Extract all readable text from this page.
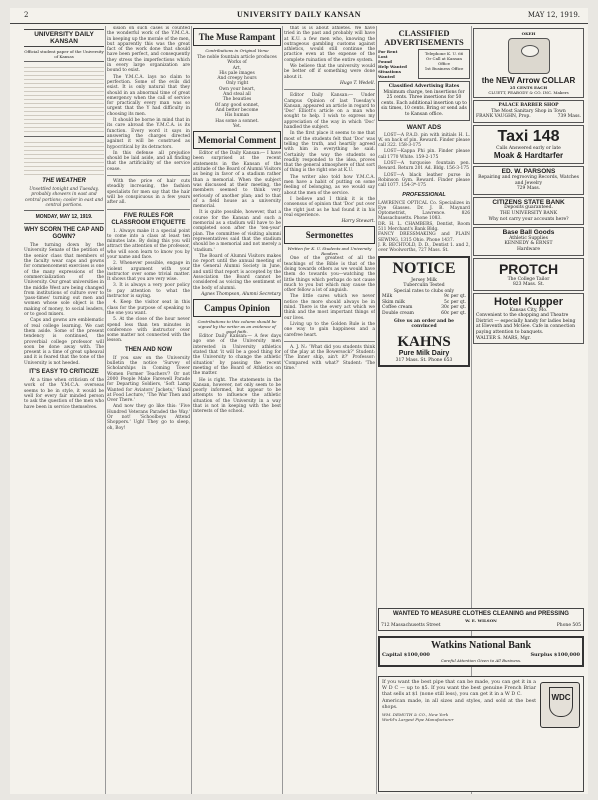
2	UNIVERSITY DAILY KANSAN	MAY 12, 1919.
UNIVERSITY DAILY KANSAN
Official student paper of the University of Kansas
THE WEATHER

Unsettled tonight and Tuesday, probably showers in east and central portions; cooler in east and central portions.

MONDAY, MAY 12, 1919.
WHY SCORN THE CAP AND GOWN?

The turning down by the University Senate of the petition of the senior class that members of the faculty wear caps and gowns for commencement exercises is one of the many expressions of the commercialization of the University. Our great universities in the middle West are being changed from institutions of culture over to 'pass-times' turning out men and women whose sole object is the making of money, to social leaders, or to good mixers.

Caps and gowns are emblematic of real college learning. We cast them aside. Some of the present tendency is continued, the proverbial college professor will soon be done away with. The present is a time of great upheaval and it is feared that the tone of the University is not heeded.

IT'S EASY TO CRITICIZE

At a time when criticism of the work of the Y.M.C.A. overseas seems to be in style, it would be well for every fair minded person to ask the question of the men who have been in service themselves.

sision on such cases is counted the wonderful work of the Y.M.C.A. in keeping up the morale of the men, but apparently this was the great fact of the work done that should have been perfect, and consequently they stress the imperfections which in every large organization are bound to exist.

The Y.M.C.A. lays no claim to perfection. Some of the evils did exist. It is only natural that they should in an abnormal time of great emergency when the call of service for practically every man was so urgent that the Y had difficulty in choosing its men.

It should be borne in mind that in its care abroad the Y.M.C.A. is its function. Every word it says in answering the charges directed against it will be construed as hypocritical by its detractors.

In this defense all prejudice should be laid aside, and all finding that the artificiality of the service cease.

With the price of hair cuts steadily increasing, the fashion specialists for men say that the hair will be conspicuous in a few years after all.

FIVE RULES FOR CLASSROOM ETIQUETTE

1. Always make it a special point to come into a class at least ten minutes late. By doing this you will attract the attention of the professor, who will soon learn to know you by your name and face.

2. Whenever possible, engage in violent argument with your instructor over some trivial matter. It shows that you are very wise.

3. It is always a very poor policy to pay attention to what the instructor is saying.

4. Keep the visitor seat in this class for the purpose of speaking to the one you want.

5. At the close of the hour never spend less than ten minutes in conference with instructor over some matter not connected with the lesson.

THEN AND NOW

If you saw on the University bulletin the notice 'Survey of Scholarships in Coming Tower Women Former Teachers'? Or not 2000 People Make Farewell Parade for Departing Soldiers, 'Soft Lamp Wanted for Aviators' Jackets,' 'Hand at Food Lecture,' 'The War Then and Over There.'

And now they go like this: 'Five Hundred Veterans Paraded the Way.' Or not! 'Schoolboys Attend Shoppers.' Ugh! They go to sleep, oh, Boy!

The Muse Rampant
Contributions in Original Verse
The noble fountain article produces
Works of
Art,
His pale images
And creepy hours
Only right
Own your heart,
And steal all
The beauties
Of any good sonnet,
And better become
His human
Has some a sonnet.
Yet.
Memorial Comment

Editor of the Daily Kansan:— I have been surprised at the recent statements in the Kansan of the attitude of the Board of Alumni Visitors as being in favor of a stadium rather than a memorial. When the subject was discussed at their meeting, the members seemed to think very seriously of another plan; and to that of a field house as a university memorial.

It is quite possible, however, that a course for the Kansan and such a memorial as a stadium will have to be completed soon after the 'ten-year' plan. The committee of visiting alumni representatives said that the stadium should be a memorial and not merely a 'stadium.'

The Board of Alumni Visitors makes no report until the annual meeting of the General Alumni Society in June, and until that report is accepted by the Association the Board cannot be considered as voicing the sentiment of the body of alumni.

Agnes Thompson, Alumni Secretary
Campus Opinion
Contributions to this column should be signed by the writer as an evidence of good faith.

Editor Daily Kansan:— A few days ago one of the University men interested in University athletics stated that 'it will be a good thing for the University to change the athletic situation' by passing the recent meeting of the Board of Athletics on the matter.

He is right. The statements in the Kansan, however, not only seem to be poorly informed, but appear to be attempts to influence the athletic situation of the University in a way that is not in keeping with the best interests of the school.

that is is about athletes. We have tried in the past and probably will have at K.U. a few men who, knowing the outrageous gambling customs against athletics, would still continue the practice even at the expense of the complete ruination of the entire system.

We believe that the university would be better off if something were done about it.

Hugo T. Wedell.

Editor Daily Kansan:— Under Campus Opinion of last Tuesday's Kansan, appeared an article in regard to 'Doc' Elliott's article on a man who sought to help. I wish to express my appreciation of the way in which 'Doc' handled the subject.

In the first place it seems to me that most of the students felt that 'Doc' was telling the truth, and heartily agreed with him in everything he said. Certainly the way the students so readily responded to the idea, proves that the general atmosphere of that sort of thing is the right one at K.U.

The writer also told how Y.M.C.A. men have a habit of putting on some feeling of belonging, as we would say about the men of the service.

I believe and I think it is the consensus of opinion that 'Doc' put over the right just as he had found it in his real experience.

Harry Stewart.
Sermonettes
Written for K. U. Students and University Readers

One of the greatest of all the teachings of the Bible is that of the doing towards others as we would have them do towards you—watching the little things which perhaps do not cause much to you but which may cause the other fellow a lot of anguish.

The little cares which we never notice the more should always be in mind. There is the every act which we think and the most important things of our lives.

Living up to the Golden Rule is the one way to gain happiness and a carefree heart.

A. J. N.: 'What did you students think of the play at the Bowersock?' Student: 'The Inner ship, ain't it?' Professor: 'Compared with what?' Student: 'The time.'

CLASSIFIED ADVERTISEMENTS
For Rent
Lost
Found
Help Wanted
Situations Wanted
Telephone K. U. 66
Or Call at Kansan Office
1st Business Office
Classified Advertising Rates
Minimum charge, ten insertions for 25 cents. Three insertions for 50 cents. Each additional insertion up to six times, 10 cents. Bring or send ads to Kansan office.
WANT ADS

LOST—A P.A.D. pin with initials H. L. W. on back of pin. Reward. Finder please call 322. 158-3-175

LOST—Kappa Phi pin. Finder please call 1770 White. 159-2-175

LOST—A turquoise fountain pen. Reward. Return 201 Ad. Bldg. 156-3-175

LOST—A black leather purse in Robinson Gym. Reward. Finder please call 1077. 154-3*-175

PROFESSIONAL

LAWRENCE OPTICAL Co. Specializes in Eye Glasses. Dr. J. B. Maynard Optometrist, Lawrence. 826 Massachusetts. Phone 1083.
DR. H. L. CHAMBERS, Dentist, Room 511 Merchant's Bank Bldg.
FANCY DRESSMAKING and PLAIN SEWING, 1315 Ohio. Phone 1437.
J. R. BECHTOLD, D. D., Dentist 1. and 2, over Woolworths, 727 Mass. St.

NOTICE
Jersey Milk
Tuberculin Tested
Special rates to clubs only
Milk	9c per qt.
Skim milk	5c per qt.
Coffee cream	30c per qt.
Double cream	60c per qt.
Give us an order and be convinced
KAHNS
Pure Milk Dairy
317 Mass. St. Phone 653
OKEH
the NEW Arrow COLLAR
25 CENTS EACH
CLUETT, PEABODY & CO. INC. Makers
PALACE BARBER SHOP
The Most Sanitary Shop in Town
FRANK VAUGHN, Prop.	739 Mass.
Taxi 148
Calls Answered early or late
Moak & Hardtarfer
ED. W. PARSONS
Repairing and regrooving Records, Watches and Jewelry
729 Mass.
CITIZENS STATE BANK
Deposits guaranteed.
THE UNIVERSITY BANK
Why not carry your accounts here?
Base Ball Goods
Athletic Supplies
KENNEDY & ERNST
Hardware
PROTCH
The College Tailor
823 Mass. St.
Hotel Kupper
Kansas City, Mo.
Convenient to the shopping and Theatre District — especially handy for ladies being at Eleventh and McGee. Cafe in connection paying attention to banquets.
WALTER S. MARS, Mgr.
WANTED TO MEASURE CLOTHES CLEANING and PRESSING
W. E. WILSON
712 Massachusetts Street	Phone 505
Watkins National Bank
Capital $100,000	Surplus $100,000
Careful Attention Given to All Business.

If you want the best pipe that can be made, you can get it in a W D C — up to $5. If you want the best genuine French Briar that sells at $1 (none still less), you can get it in a W D C.

American made, in all sizes and styles, and sold at the best shops.

WM. DEMUTH & CO., New York
World's Largest Pipe Manufacturer

WDC
